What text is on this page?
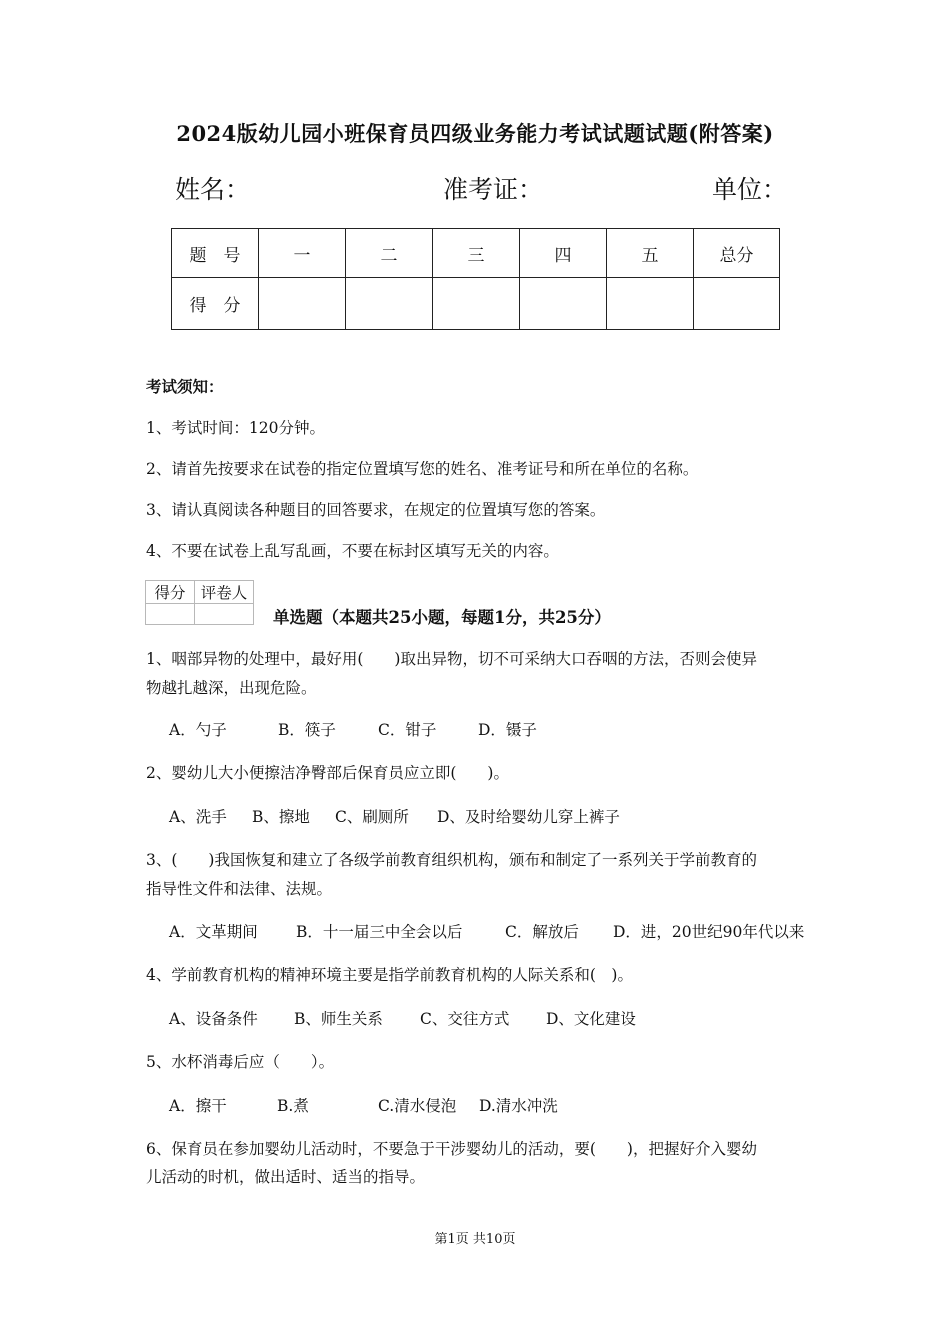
2024版幼儿园小班保育员四级业务能力考试试题试题(附答案)
姓名：	准考证：	单位：
题　号	一	二	三	四	五	总分
得　分						
考试须知：
1、考试时间：120分钟。
2、请首先按要求在试卷的指定位置填写您的姓名、准考证号和所在单位的名称。
3、请认真阅读各种题目的回答要求，在规定的位置填写您的答案。
4、不要在试卷上乱写乱画，不要在标封区填写无关的内容。
得分	评卷人

单选题（本题共25小题，每题1分，共25分）
1、咽部异物的处理中，最好用(　　)取出异物，切不可采纳大口吞咽的方法，否则会使异
物越扎越深，出现危险。
A．勺子	B．筷子	C．钳子	D．镊子
2、婴幼儿大小便擦洁净臀部后保育员应立即(　　)。
A、洗手 B、擦地 C、刷厕所 D、及时给婴幼儿穿上裤子
3、(　　)我国恢复和建立了各级学前教育组织机构，颁布和制定了一系列关于学前教育的
指导性文件和法律、法规。
A．文革期间 B．十一届三中全会以后	C．解放后 D．进，20世纪90年代以来
4、学前教育机构的精神环境主要是指学前教育机构的人际关系和(　)。
A、设备条件 B、师生关系 C、交往方式 D、文化建设
5、水杯消毒后应（　　）。
A．擦干	B.煮	C.清水侵泡 D.清水冲洗
6、保育员在参加婴幼儿活动时，不要急于干涉婴幼儿的活动，要(　　)，把握好介入婴幼
儿活动的时机，做出适时、适当的指导。
第1页 共10页
